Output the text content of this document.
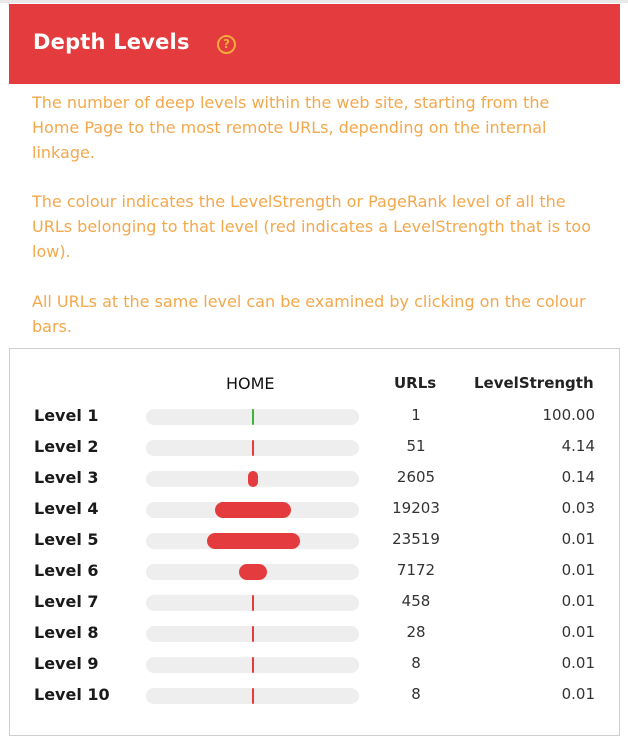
Depth Levels	?

The number of deep levels within the web site, starting from the Home Page to the most remote URLs, depending on the internal linkage.

The colour indicates the LevelStrength or PageRank level of all the URLs belonging to that level (red indicates a LevelStrength that is too low).

All URLs at the same level can be examined by clicking on the colour bars.

HOME	URLs	LevelStrength
Level 1	1	100.00
Level 2	51	4.14
Level 3	2605	0.14
Level 4	19203	0.03
Level 5	23519	0.01
Level 6	7172	0.01
Level 7	458	0.01
Level 8	28	0.01
Level 9	8	0.01
Level 10	8	0.01
